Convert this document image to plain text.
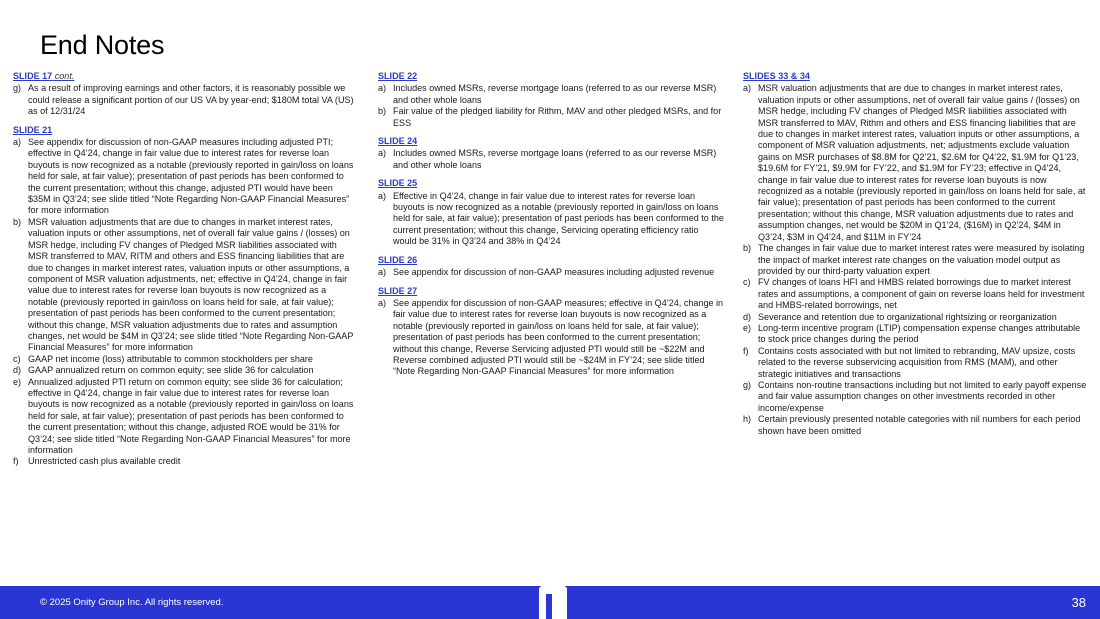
End Notes
SLIDE 17 cont.
g) As a result of improving earnings and other factors, it is reasonably possible we could release a significant portion of our US VA by year-end; $180M total VA (US) as of 12/31/24
SLIDE 21
a) See appendix for discussion of non-GAAP measures including adjusted PTI; effective in Q4’24, change in fair value due to interest rates for reverse loan buyouts is now recognized as a notable (previously reported in gain/loss on loans held for sale, at fair value); presentation of past periods has been conformed to the current presentation; without this change, adjusted PTI would have been $35M in Q3’24; see slide titled “Note Regarding Non-GAAP Financial Measures” for more information
b) MSR valuation adjustments that are due to changes in market interest rates, valuation inputs or other assumptions, net of overall fair value gains / (losses) on MSR hedge, including FV changes of Pledged MSR liabilities associated with MSR transferred to MAV, RITM and others and ESS financing liabilities that are due to changes in market interest rates, valuation inputs or other assumptions, a component of MSR valuation adjustments, net; effective in Q4’24, change in fair value due to interest rates for reverse loan buyouts is now recognized as a notable (previously reported in gain/loss on loans held for sale, at fair value); presentation of past periods has been conformed to the current presentation; without this change, MSR valuation adjustments due to rates and assumption changes, net would be $4M in Q3’24; see slide titled “Note Regarding Non-GAAP Financial Measures” for more information
c) GAAP net income (loss) attributable to common stockholders per share
d) GAAP annualized return on common equity; see slide 36 for calculation
e) Annualized adjusted PTI return on common equity; see slide 36 for calculation; effective in Q4’24, change in fair value due to interest rates for reverse loan buyouts is now recognized as a notable (previously reported in gain/loss on loans held for sale, at fair value); presentation of past periods has been conformed to the current presentation; without this change, adjusted ROE would be 31% for Q3’24; see slide titled “Note Regarding Non-GAAP Financial Measures” for more information
f)	Unrestricted cash plus available credit
SLIDE 22
a) Includes owned MSRs, reverse mortgage loans (referred to as our reverse MSR) and other whole loans
b) Fair value of the pledged liability for Rithm, MAV and other pledged MSRs, and for ESS
SLIDE 24
a) Includes owned MSRs, reverse mortgage loans (referred to as our reverse MSR) and other whole loans
SLIDE 25
a) Effective in Q4’24, change in fair value due to interest rates for reverse loan buyouts is now recognized as a notable (previously reported in gain/loss on loans held for sale, at fair value); presentation of past periods has been conformed to the current presentation; without this change, Servicing operating efficiency ratio would be 31% in Q3’24 and 38% in Q4’24
SLIDE 26
a) See appendix for discussion of non-GAAP measures including adjusted revenue
SLIDE 27
a) See appendix for discussion of non-GAAP measures; effective in Q4’24, change in fair value due to interest rates for reverse loan buyouts is now recognized as a notable (previously reported in gain/loss on loans held for sale, at fair value); presentation of past periods has been conformed to the current presentation; without this change, Reverse Servicing adjusted PTI would still be ~$22M and Reverse combined adjusted PTI would still be ~$24M in FY’24; see slide titled “Note Regarding Non-GAAP Financial Measures” for more information
SLIDES 33 & 34
a) MSR valuation adjustments that are due to changes in market interest rates, valuation inputs or other assumptions, net of overall fair value gains / (losses) on MSR hedge, including FV changes of Pledged MSR liabilities associated with MSR transferred to MAV, Rithm and others and ESS financing liabilities that are due to changes in market interest rates, valuation inputs or other assumptions, a component of MSR valuation adjustments, net; adjustments exclude valuation gains on MSR purchases of $8.8M for Q2’21, $2.6M for Q4’22, $1.9M for Q1’23, $19.6M for FY’21, $9.9M for FY’22, and $1.9M for FY’23; effective in Q4’24, change in fair value due to interest rates for reverse loan buyouts is now recognized as a notable (previously reported in gain/loss on loans held for sale, at fair value); presentation of past periods has been conformed to the current presentation; without this change, MSR valuation adjustments due to rates and assumption changes, net would be $20M in Q1’24, ($16M) in Q2’24, $4M in Q3’24, $3M in Q4’24, and $11M in FY’24
b) The changes in fair value due to market interest rates were measured by isolating the impact of market interest rate changes on the valuation model output as provided by our third-party valuation expert
c) FV changes of loans HFI and HMBS related borrowings due to market interest rates and assumptions, a component of gain on reverse loans held for investment and HMBS-related borrowings, net
d) Severance and retention due to organizational rightsizing or reorganization
e) Long-term incentive program (LTIP) compensation expense changes attributable to stock price changes during the period
f)	Contains costs associated with but not limited to rebranding, MAV upsize, costs related to the reverse subservicing acquisition from RMS (MAM), and other strategic initiatives and transactions
g) Contains non-routine transactions including but not limited to early payoff expense and fair value assumption changes on other investments recorded in other income/expense
h) Certain previously presented notable categories with nil numbers for each period shown have been omitted
© 2025 Onity Group Inc. All rights reserved.	38
